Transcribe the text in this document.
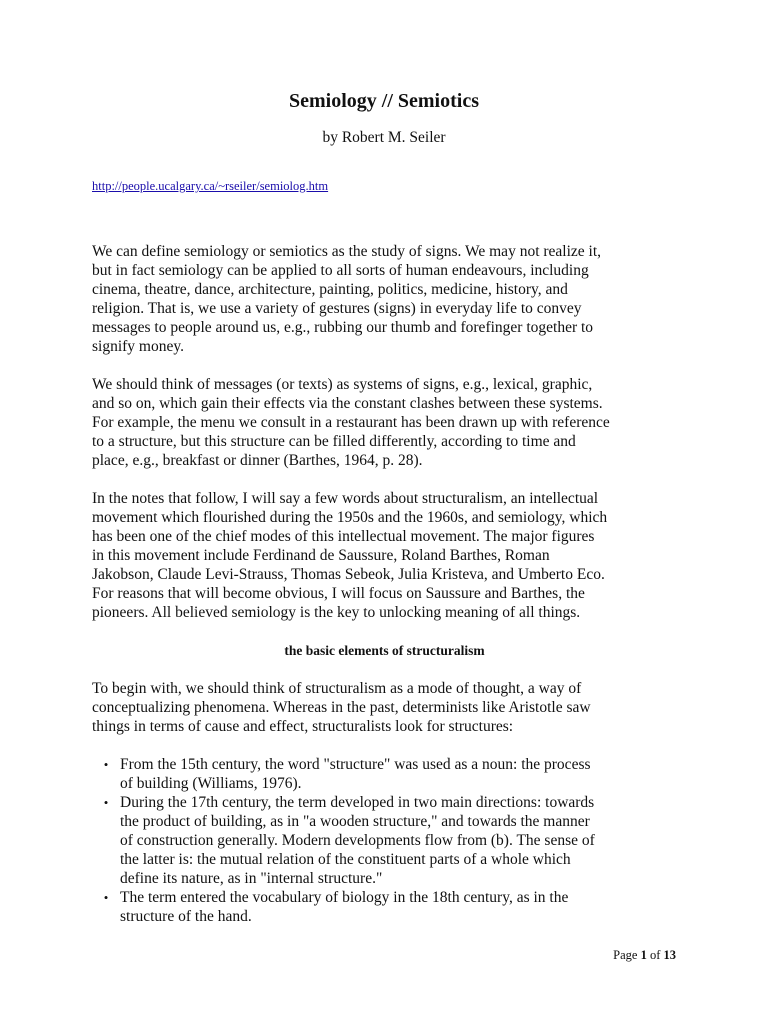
Semiology // Semiotics
by Robert M. Seiler
http://people.ucalgary.ca/~rseiler/semiolog.htm

We can define semiology or semiotics as the study of signs. We may not realize it,
but in fact semiology can be applied to all sorts of human endeavours, including
cinema, theatre, dance, architecture, painting, politics, medicine, history, and
religion. That is, we use a variety of gestures (signs) in everyday life to convey
messages to people around us, e.g., rubbing our thumb and forefinger together to
signify money.

We should think of messages (or texts) as systems of signs, e.g., lexical, graphic,
and so on, which gain their effects via the constant clashes between these systems.
For example, the menu we consult in a restaurant has been drawn up with reference
to a structure, but this structure can be filled differently, according to time and
place, e.g., breakfast or dinner (Barthes, 1964, p. 28).

In the notes that follow, I will say a few words about structuralism, an intellectual
movement which flourished during the 1950s and the 1960s, and semiology, which
has been one of the chief modes of this intellectual movement. The major figures
in this movement include Ferdinand de Saussure, Roland Barthes, Roman
Jakobson, Claude Levi-Strauss, Thomas Sebeok, Julia Kristeva, and Umberto Eco.
For reasons that will become obvious, I will focus on Saussure and Barthes, the
pioneers. All believed semiology is the key to unlocking meaning of all things.

the basic elements of structuralism

To begin with, we should think of structuralism as a mode of thought, a way of
conceptualizing phenomena. Whereas in the past, determinists like Aristotle saw
things in terms of cause and effect, structuralists look for structures:

• From the 15th century, the word "structure" was used as a noun: the process
of building (Williams, 1976).
• During the 17th century, the term developed in two main directions: towards
the product of building, as in "a wooden structure," and towards the manner
of construction generally. Modern developments flow from (b). The sense of
the latter is: the mutual relation of the constituent parts of a whole which
define its nature, as in "internal structure."
• The term entered the vocabulary of biology in the 18th century, as in the
structure of the hand.
Page 1 of 13
